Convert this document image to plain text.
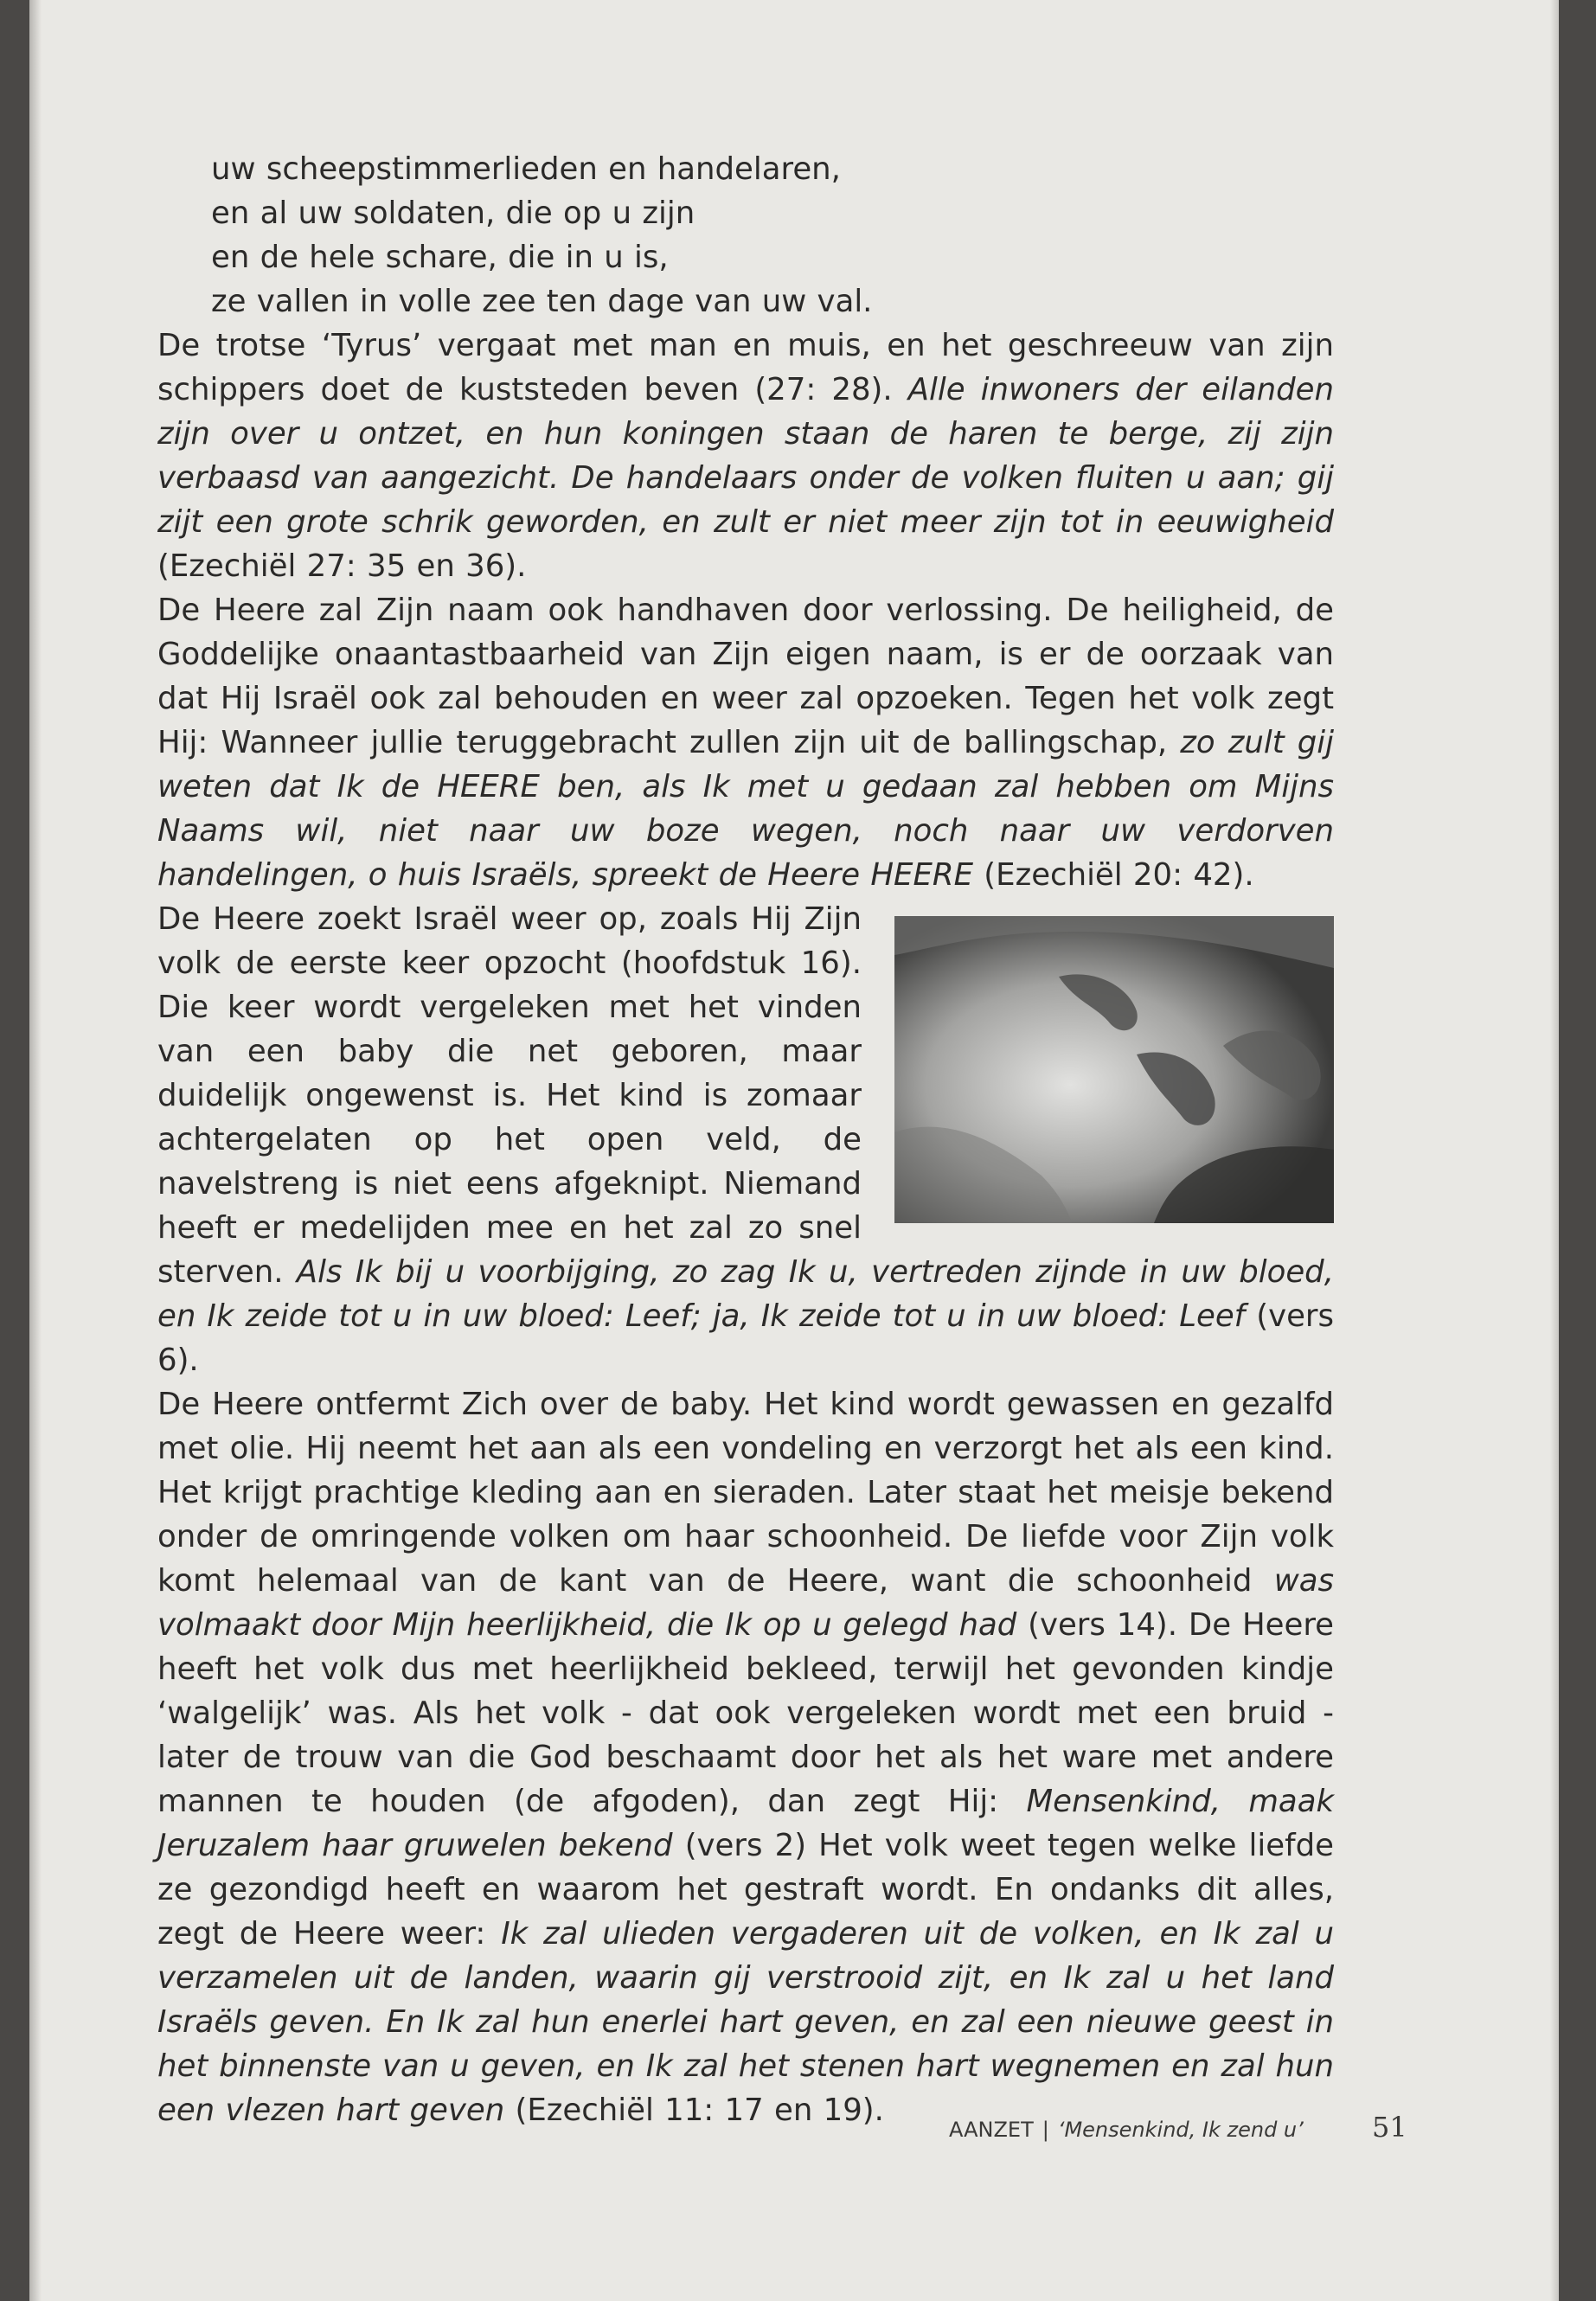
uw scheepstimmerlieden en handelaren,

en al uw soldaten, die op u zijn

en de hele schare, die in u is,

ze vallen in volle zee ten dage van uw val.

De trotse ‘Tyrus’ vergaat met man en muis, en het geschreeuw van zijn schippers doet de kuststeden beven (27: 28). Alle inwoners der eilanden zijn over u ontzet, en hun koningen staan de haren te berge, zij zijn verbaasd van aangezicht. De handelaars onder de volken fluiten u aan; gij zijt een grote schrik geworden, en zult er niet meer zijn tot in eeuwigheid (Ezechiël 27: 35 en 36).

De Heere zal Zijn naam ook handhaven door verlossing. De heiligheid, de Goddelijke onaantastbaarheid van Zijn eigen naam, is er de oorzaak van dat Hij Israël ook zal behouden en weer zal opzoeken. Tegen het volk zegt Hij: Wanneer jullie teruggebracht zullen zijn uit de ballingschap, zo zult gij weten dat Ik de HEERE ben, als Ik met u gedaan zal hebben om Mijns Naams wil, niet naar uw boze wegen, noch naar uw verdorven handelingen, o huis Israëls, spreekt de Heere HEERE (Ezechiël 20: 42).

De Heere zoekt Israël weer op, zoals Hij Zijn volk de eerste keer opzocht (hoofdstuk 16). Die keer wordt vergeleken met het vinden van een baby die net geboren, maar duidelijk ongewenst is. Het kind is zomaar achtergelaten op het open veld, de navelstreng is niet eens afgeknipt. Niemand heeft er medelijden mee en het zal zo snel sterven. Als Ik bij u voorbijging, zo zag Ik u, vertreden zijnde in uw bloed, en Ik zeide tot u in uw bloed: Leef; ja, Ik zeide tot u in uw bloed: Leef (vers 6).

De Heere ontfermt Zich over de baby. Het kind wordt gewassen en gezalfd met olie. Hij neemt het aan als een vondeling en verzorgt het als een kind. Het krijgt prachtige kleding aan en sieraden. Later staat het meisje bekend onder de omringende volken om haar schoonheid. De liefde voor Zijn volk komt helemaal van de kant van de Heere, want die schoonheid was volmaakt door Mijn heerlijkheid, die Ik op u gelegd had (vers 14). De Heere heeft het volk dus met heerlijkheid bekleed, terwijl het gevonden kindje ‘walgelijk’ was. Als het volk - dat ook vergeleken wordt met een bruid - later de trouw van die God beschaamt door het als het ware met andere mannen te houden (de afgoden), dan zegt Hij: Mensenkind, maak Jeruzalem haar gruwelen bekend (vers 2) Het volk weet tegen welke liefde ze gezondigd heeft en waarom het gestraft wordt. En ondanks dit alles, zegt de Heere weer: Ik zal ulieden vergaderen uit de volken, en Ik zal u verzamelen uit de landen, waarin gij verstrooid zijt, en Ik zal u het land Israëls geven. En Ik zal hun enerlei hart geven, en zal een nieuwe geest in het binnenste van u geven, en Ik zal het stenen hart wegnemen en zal hun een vlezen hart geven (Ezechiël 11: 17 en 19).

AANZET | ‘Mensenkind, Ik zend u’ 51
